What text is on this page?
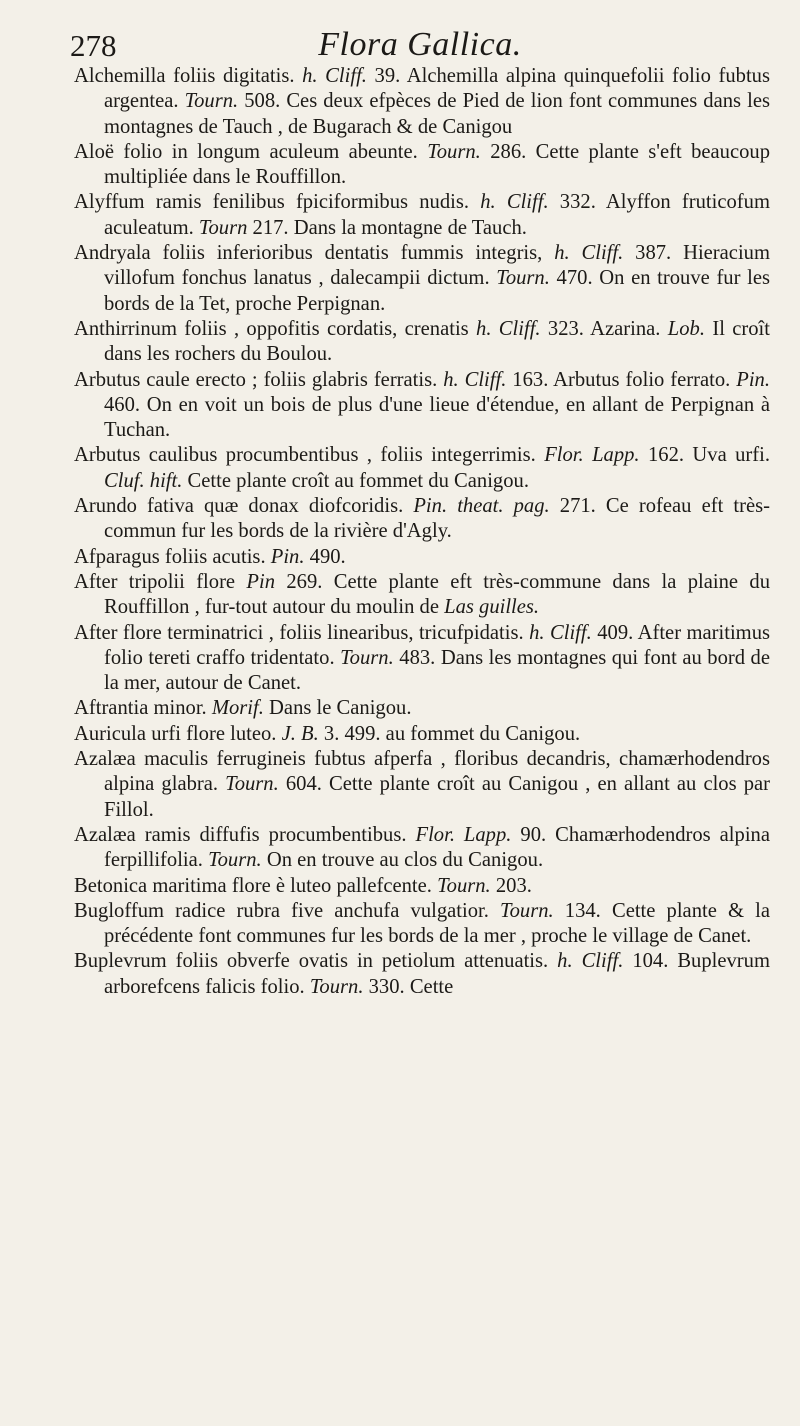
278	Flora Gallica.

Alchemilla foliis digitatis. h. Cliff. 39. Alchemilla alpina quinquefolii folio fubtus argentea. Tourn. 508. Ces deux efpèces de Pied de lion font communes dans les montagnes de Tauch , de Bugarach & de Canigou

Aloë folio in longum aculeum abeunte. Tourn. 286. Cette plante s'eft beaucoup multipliée dans le Rouffillon.

Alyffum ramis fenilibus fpiciformibus nudis. h. Cliff. 332. Alyffon fruticofum aculeatum. Tourn 217. Dans la montagne de Tauch.

Andryala foliis inferioribus dentatis fummis integris, h. Cliff. 387. Hieracium villofum fonchus lanatus , dalecampii dictum. Tourn. 470. On en trouve fur les bords de la Tet, proche Perpignan.

Anthirrinum foliis , oppofitis cordatis, crenatis h. Cliff. 323. Azarina. Lob. Il croît dans les rochers du Boulou.

Arbutus caule erecto ; foliis glabris ferratis. h. Cliff. 163. Arbutus folio ferrato. Pin. 460. On en voit un bois de plus d'une lieue d'étendue, en allant de Perpignan à Tuchan.

Arbutus caulibus procumbentibus , foliis integerrimis. Flor. Lapp. 162. Uva urfi. Cluf. hift. Cette plante croît au fommet du Canigou.

Arundo fativa quæ donax diofcoridis. Pin. theat. pag. 271. Ce rofeau eft très-commun fur les bords de la rivière d'Agly.

Afparagus foliis acutis. Pin. 490.

After tripolii flore Pin 269. Cette plante eft très-commune dans la plaine du Rouffillon , fur-tout autour du moulin de Las guilles.

After flore terminatrici , foliis linearibus, tricufpidatis. h. Cliff. 409. After maritimus folio tereti craffo tridentato. Tourn. 483. Dans les montagnes qui font au bord de la mer, autour de Canet.

Aftrantia minor. Morif. Dans le Canigou.

Auricula urfi flore luteo. J. B. 3. 499. au fommet du Canigou.

Azalæa maculis ferrugineis fubtus afperfa , floribus decandris, chamærhodendros alpina glabra. Tourn. 604. Cette plante croît au Canigou , en allant au clos par Fillol.

Azalæa ramis diffufis procumbentibus. Flor. Lapp. 90. Chamærhodendros alpina ferpillifolia. Tourn. On en trouve au clos du Canigou.

Betonica maritima flore è luteo pallefcente. Tourn. 203.

Bugloffum radice rubra five anchufa vulgatior. Tourn. 134. Cette plante & la précédente font communes fur les bords de la mer , proche le village de Canet.

Buplevrum foliis obverfe ovatis in petiolum attenuatis. h. Cliff. 104. Buplevrum arborefcens falicis folio. Tourn. 330. Cette
